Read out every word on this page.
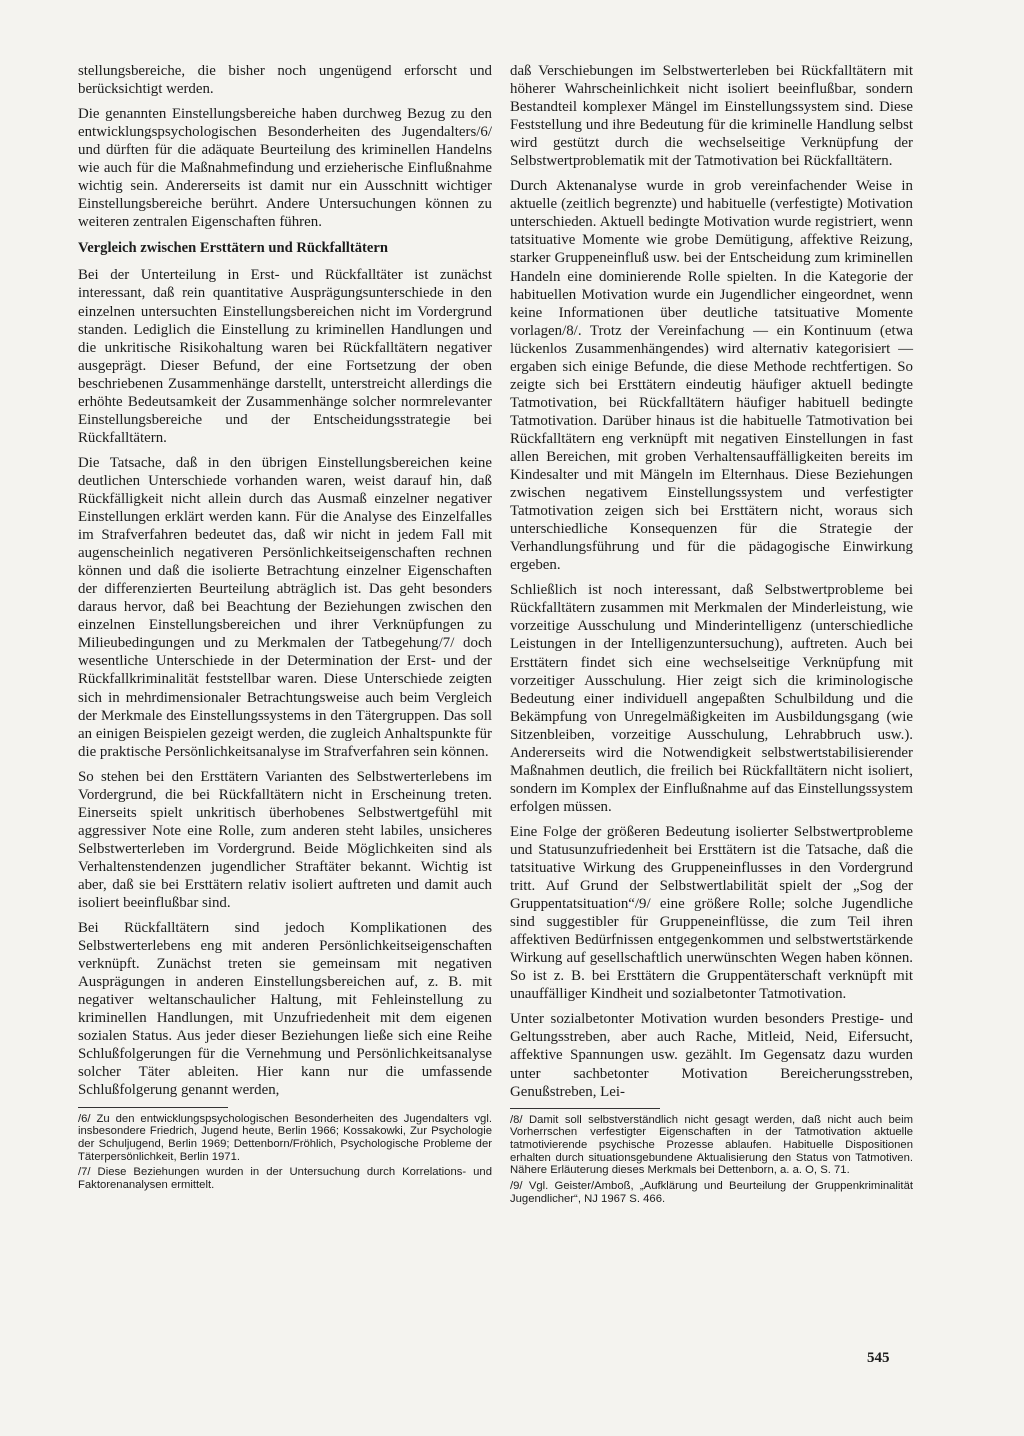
stellungsbereiche, die bisher noch ungenügend erforscht und berücksichtigt werden.

Die genannten Einstellungsbereiche haben durchweg Bezug zu den entwicklungspsychologischen Besonderheiten des Jugendalters/6/ und dürften für die adäquate Beurteilung des kriminellen Handelns wie auch für die Maßnahmefindung und erzieherische Einflußnahme wichtig sein. Andererseits ist damit nur ein Ausschnitt wichtiger Einstellungsbereiche berührt. Andere Untersuchungen können zu weiteren zentralen Eigenschaften führen.

Vergleich zwischen Ersttätern und Rückfalltätern

Bei der Unterteilung in Erst- und Rückfalltäter ist zunächst interessant, daß rein quantitative Ausprägungsunterschiede in den einzelnen untersuchten Einstellungsbereichen nicht im Vordergrund standen. Lediglich die Einstellung zu kriminellen Handlungen und die unkritische Risikohaltung waren bei Rückfalltätern negativer ausgeprägt. Dieser Befund, der eine Fortsetzung der oben beschriebenen Zusammenhänge darstellt, unterstreicht allerdings die erhöhte Bedeutsamkeit der Zusammenhänge solcher normrelevanter Einstellungsbereiche und der Entscheidungsstrategie bei Rückfalltätern.

Die Tatsache, daß in den übrigen Einstellungsbereichen keine deutlichen Unterschiede vorhanden waren, weist darauf hin, daß Rückfälligkeit nicht allein durch das Ausmaß einzelner negativer Einstellungen erklärt werden kann. Für die Analyse des Einzelfalles im Strafverfahren bedeutet das, daß wir nicht in jedem Fall mit augenscheinlich negativeren Persönlichkeitseigenschaften rechnen können und daß die isolierte Betrachtung einzelner Eigenschaften der differenzierten Beurteilung abträglich ist. Das geht besonders daraus hervor, daß bei Beachtung der Beziehungen zwischen den einzelnen Einstellungsbereichen und ihrer Verknüpfungen zu Milieubedingungen und zu Merkmalen der Tatbegehung/7/ doch wesentliche Unterschiede in der Determination der Erst- und der Rückfallkriminalität feststellbar waren. Diese Unterschiede zeigten sich in mehrdimensionaler Betrachtungsweise auch beim Vergleich der Merkmale des Einstellungssystems in den Tätergruppen. Das soll an einigen Beispielen gezeigt werden, die zugleich Anhaltspunkte für die praktische Persönlichkeitsanalyse im Strafverfahren sein können.

So stehen bei den Ersttätern Varianten des Selbstwerterlebens im Vordergrund, die bei Rückfalltätern nicht in Erscheinung treten. Einerseits spielt unkritisch überhobenes Selbstwertgefühl mit aggressiver Note eine Rolle, zum anderen steht labiles, unsicheres Selbstwerterleben im Vordergrund. Beide Möglichkeiten sind als Verhaltenstendenzen jugendlicher Straftäter bekannt. Wichtig ist aber, daß sie bei Ersttätern relativ isoliert auftreten und damit auch isoliert beeinflußbar sind.

Bei Rückfalltätern sind jedoch Komplikationen des Selbstwerterlebens eng mit anderen Persönlichkeitseigenschaften verknüpft. Zunächst treten sie gemeinsam mit negativen Ausprägungen in anderen Einstellungsbereichen auf, z. B. mit negativer weltanschaulicher Haltung, mit Fehleinstellung zu kriminellen Handlungen, mit Unzufriedenheit mit dem eigenen sozialen Status. Aus jeder dieser Beziehungen ließe sich eine Reihe Schlußfolgerungen für die Vernehmung und Persönlichkeitsanalyse solcher Täter ableiten. Hier kann nur die umfassende Schlußfolgerung genannt werden,

/6/ Zu den entwicklungspsychologischen Besonderheiten des Jugendalters vgl. insbesondere Friedrich, Jugend heute, Berlin 1966; Kossakowki, Zur Psychologie der Schuljugend, Berlin 1969; Dettenborn/Fröhlich, Psychologische Probleme der Täterpersönlichkeit, Berlin 1971.

/7/ Diese Beziehungen wurden in der Untersuchung durch Korrelations- und Faktorenanalysen ermittelt.

daß Verschiebungen im Selbstwerterleben bei Rückfalltätern mit höherer Wahrscheinlichkeit nicht isoliert beeinflußbar, sondern Bestandteil komplexer Mängel im Einstellungssystem sind. Diese Feststellung und ihre Bedeutung für die kriminelle Handlung selbst wird gestützt durch die wechselseitige Verknüpfung der Selbstwertproblematik mit der Tatmotivation bei Rückfalltätern.

Durch Aktenanalyse wurde in grob vereinfachender Weise in aktuelle (zeitlich begrenzte) und habituelle (verfestigte) Motivation unterschieden. Aktuell bedingte Motivation wurde registriert, wenn tatsituative Momente wie grobe Demütigung, affektive Reizung, starker Gruppeneinfluß usw. bei der Entscheidung zum kriminellen Handeln eine dominierende Rolle spielten. In die Kategorie der habituellen Motivation wurde ein Jugendlicher eingeordnet, wenn keine Informationen über deutliche tatsituative Momente vorlagen/8/. Trotz der Vereinfachung — ein Kontinuum (etwa lückenlos Zusammenhängendes) wird alternativ kategorisiert — ergaben sich einige Befunde, die diese Methode rechtfertigen. So zeigte sich bei Ersttätern eindeutig häufiger aktuell bedingte Tatmotivation, bei Rückfalltätern häufiger habituell bedingte Tatmotivation. Darüber hinaus ist die habituelle Tatmotivation bei Rückfalltätern eng verknüpft mit negativen Einstellungen in fast allen Bereichen, mit groben Verhaltensauffälligkeiten bereits im Kindesalter und mit Mängeln im Elternhaus. Diese Beziehungen zwischen negativem Einstellungssystem und verfestigter Tatmotivation zeigen sich bei Ersttätern nicht, woraus sich unterschiedliche Konsequenzen für die Strategie der Verhandlungsführung und für die pädagogische Einwirkung ergeben.

Schließlich ist noch interessant, daß Selbstwertprobleme bei Rückfalltätern zusammen mit Merkmalen der Minderleistung, wie vorzeitige Ausschulung und Minderintelligenz (unterschiedliche Leistungen in der Intelligenzuntersuchung), auftreten. Auch bei Ersttätern findet sich eine wechselseitige Verknüpfung mit vorzeitiger Ausschulung. Hier zeigt sich die kriminologische Bedeutung einer individuell angepaßten Schulbildung und die Bekämpfung von Unregelmäßigkeiten im Ausbildungsgang (wie Sitzenbleiben, vorzeitige Ausschulung, Lehrabbruch usw.). Andererseits wird die Notwendigkeit selbstwertstabilisierender Maßnahmen deutlich, die freilich bei Rückfalltätern nicht isoliert, sondern im Komplex der Einflußnahme auf das Einstellungssystem erfolgen müssen.

Eine Folge der größeren Bedeutung isolierter Selbstwertprobleme und Statusunzufriedenheit bei Ersttätern ist die Tatsache, daß die tatsituative Wirkung des Gruppeneinflusses in den Vordergrund tritt. Auf Grund der Selbstwertlabilität spielt der „Sog der Gruppentatsituation“/9/ eine größere Rolle; solche Jugendliche sind suggestibler für Gruppeneinflüsse, die zum Teil ihren affektiven Bedürfnissen entgegenkommen und selbstwertstärkende Wirkung auf gesellschaftlich unerwünschten Wegen haben können. So ist z. B. bei Ersttätern die Gruppentäterschaft verknüpft mit unauffälliger Kindheit und sozialbetonter Tatmotivation.

Unter sozialbetonter Motivation wurden besonders Prestige- und Geltungsstreben, aber auch Rache, Mitleid, Neid, Eifersucht, affektive Spannungen usw. gezählt. Im Gegensatz dazu wurden unter sachbetonter Motivation Bereicherungsstreben, Genußstreben, Lei-

/8/ Damit soll selbstverständlich nicht gesagt werden, daß nicht auch beim Vorherrschen verfestigter Eigenschaften in der Tatmotivation aktuelle tatmotivierende psychische Prozesse ablaufen. Habituelle Dispositionen erhalten durch situationsgebundene Aktualisierung den Status von Tatmotiven. Nähere Erläuterung dieses Merkmals bei Dettenborn, a. a. O, S. 71.

/9/ Vgl. Geister/Amboß, „Aufklärung und Beurteilung der Gruppenkriminalität Jugendlicher“, NJ 1967 S. 466.

545
